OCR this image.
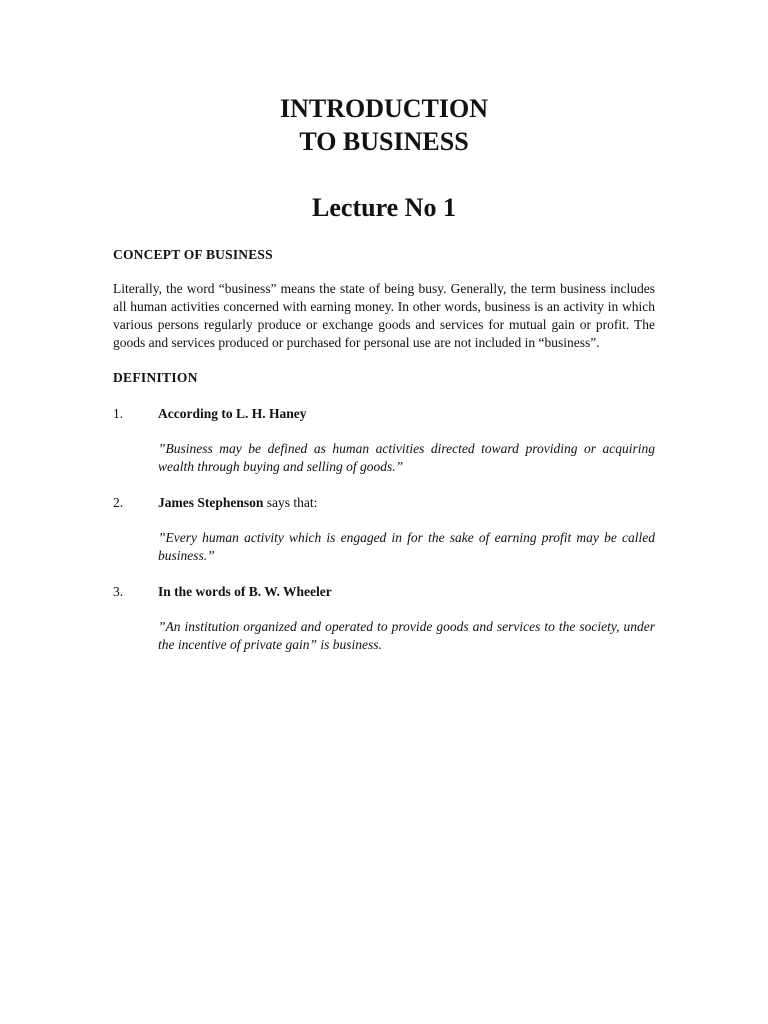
INTRODUCTION
TO BUSINESS
Lecture No 1
CONCEPT OF BUSINESS
Literally, the word “business” means the state of being busy. Generally, the term business includes all human activities concerned with earning money. In other words, business is an activity in which various persons regularly produce or exchange goods and services for mutual gain or profit. The goods and services produced or purchased for personal use are not included in “business”.
DEFINITION
1.	According to L. H. Haney
”Business may be defined as human activities directed toward providing or acquiring wealth through buying and selling of goods.”
2.	James Stephenson says that:
”Every human activity which is engaged in for the sake of earning profit may be called business.”
3.	In the words of B. W. Wheeler
”An institution organized and operated to provide goods and services to the society, under the incentive of private gain” is business.
